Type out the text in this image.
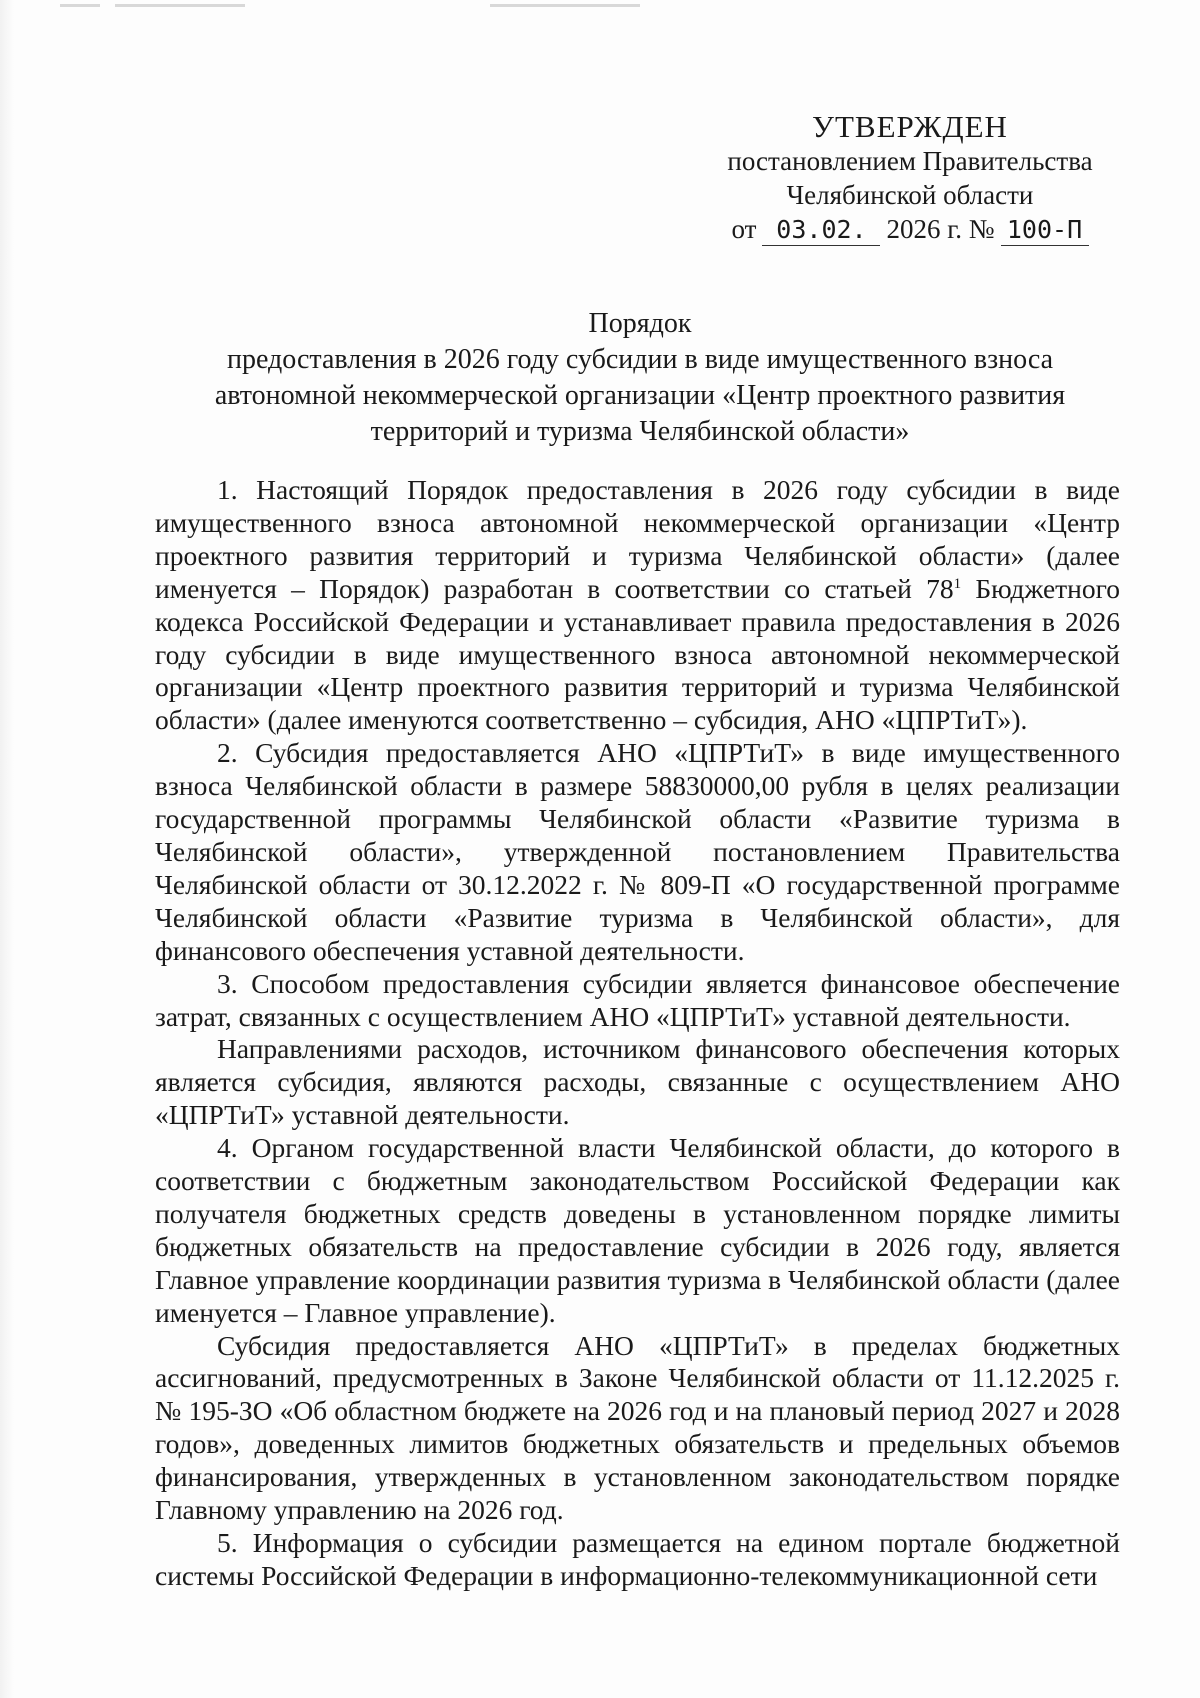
УТВЕРЖДЕН
постановлением Правительства
Челябинской области
от 03.02. 2026 г. № 100-П
Порядок
предоставления в 2026 году субсидии в виде имущественного взноса
автономной некоммерческой организации «Центр проектного развития
территорий и туризма Челябинской области»

1. Настоящий Порядок предоставления в 2026 году субсидии в виде имущественного взноса автономной некоммерческой организации «Центр проектного развития территорий и туризма Челябинской области» (далее именуется – Порядок) разработан в соответствии со статьей $78^1$ Бюджетного кодекса Российской Федерации и устанавливает правила предоставления в 2026 году субсидии в виде имущественного взноса автономной некоммерческой организации «Центр проектного развития территорий и туризма Челябинской области» (далее именуются соответственно – субсидия, АНО «ЦПРТиТ»).

2. Субсидия предоставляется АНО «ЦПРТиТ» в виде имущественного взноса Челябинской области в размере 58830000,00 рубля в целях реализации государственной программы Челябинской области «Развитие туризма в Челябинской области», утвержденной постановлением Правительства Челябинской области от 30.12.2022 г. № 809-П «О государственной программе Челябинской области «Развитие туризма в Челябинской области», для финансового обеспечения уставной деятельности.

3. Способом предоставления субсидии является финансовое обеспечение затрат, связанных с осуществлением АНО «ЦПРТиТ» уставной деятельности.

Направлениями расходов, источником финансового обеспечения которых является субсидия, являются расходы, связанные с осуществлением АНО «ЦПРТиТ» уставной деятельности.

4. Органом государственной власти Челябинской области, до которого в соответствии с бюджетным законодательством Российской Федерации как получателя бюджетных средств доведены в установленном порядке лимиты бюджетных обязательств на предоставление субсидии в 2026 году, является Главное управление координации развития туризма в Челябинской области (далее именуется – Главное управление).

Субсидия предоставляется АНО «ЦПРТиТ» в пределах бюджетных ассигнований, предусмотренных в Законе Челябинской области от 11.12.2025 г. № 195-ЗО «Об областном бюджете на 2026 год и на плановый период 2027 и 2028 годов», доведенных лимитов бюджетных обязательств и предельных объемов финансирования, утвержденных в установленном законодательством порядке Главному управлению на 2026 год.

5. Информация о субсидии размещается на едином портале бюджетной системы Российской Федерации в информационно-телекоммуникационной сети
